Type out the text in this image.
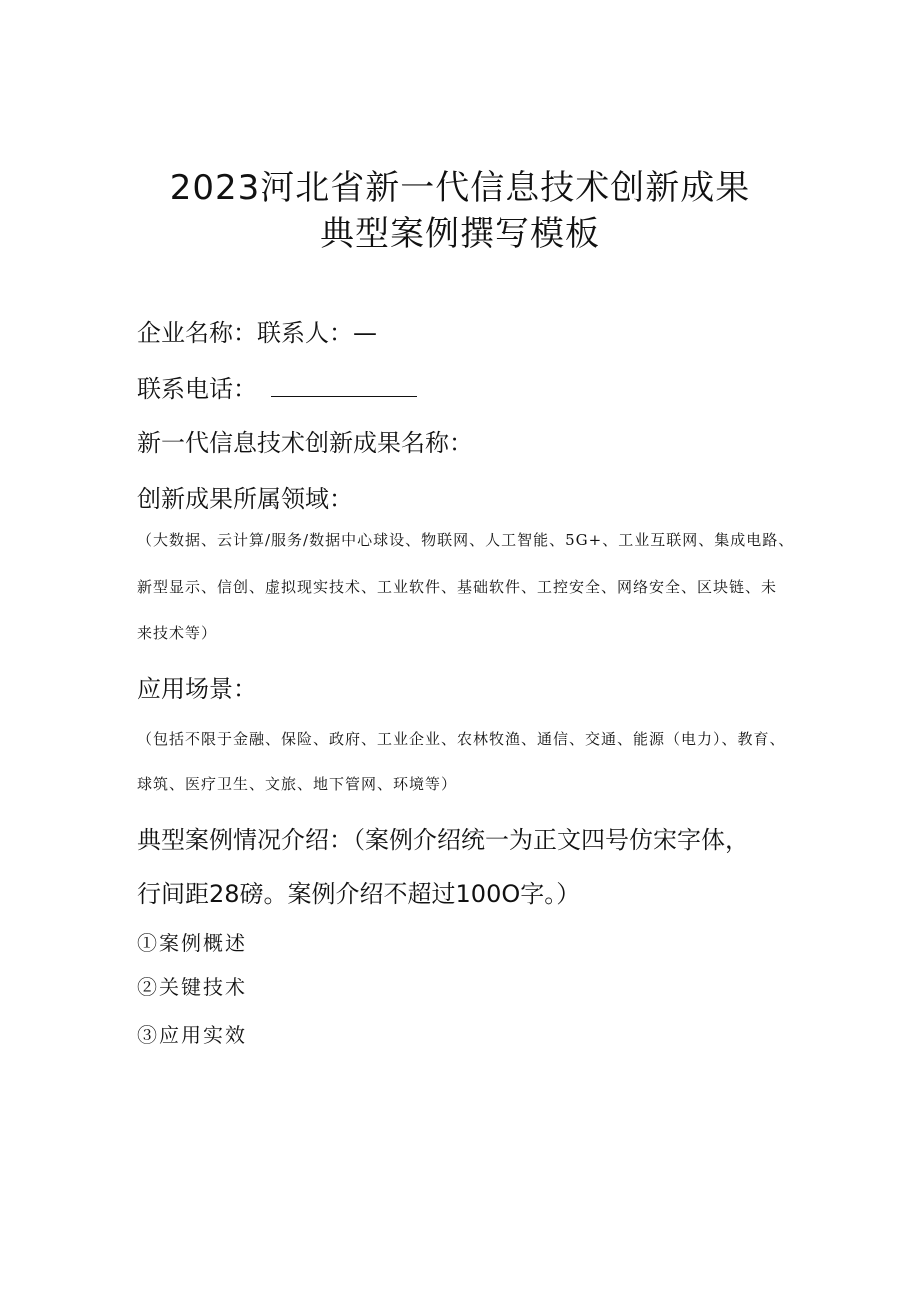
2023河北省新一代信息技术创新成果
典型案例撰写模板
企业名称：联系人：—
联系电话：
新一代信息技术创新成果名称：
创新成果所属领域：
（大数据、云计算/服务/数据中心球设、物联网、人工智能、5G+、工业互联网、集成电路、
新型显示、信创、虚拟现实技术、工业软件、基础软件、工控安全、网络安全、区块链、未
来技术等）
应用场景：
（包括不限于金融、保险、政府、工业企业、农林牧渔、通信、交通、能源（电力）、教育、
球筑、医疗卫生、文旅、地下管网、环境等）
典型案例情况介绍：（案例介绍统一为正文四号仿宋字体，
行间距28磅。案例介绍不超过100O字。）
①案例概述
②关键技术
③应用实效
